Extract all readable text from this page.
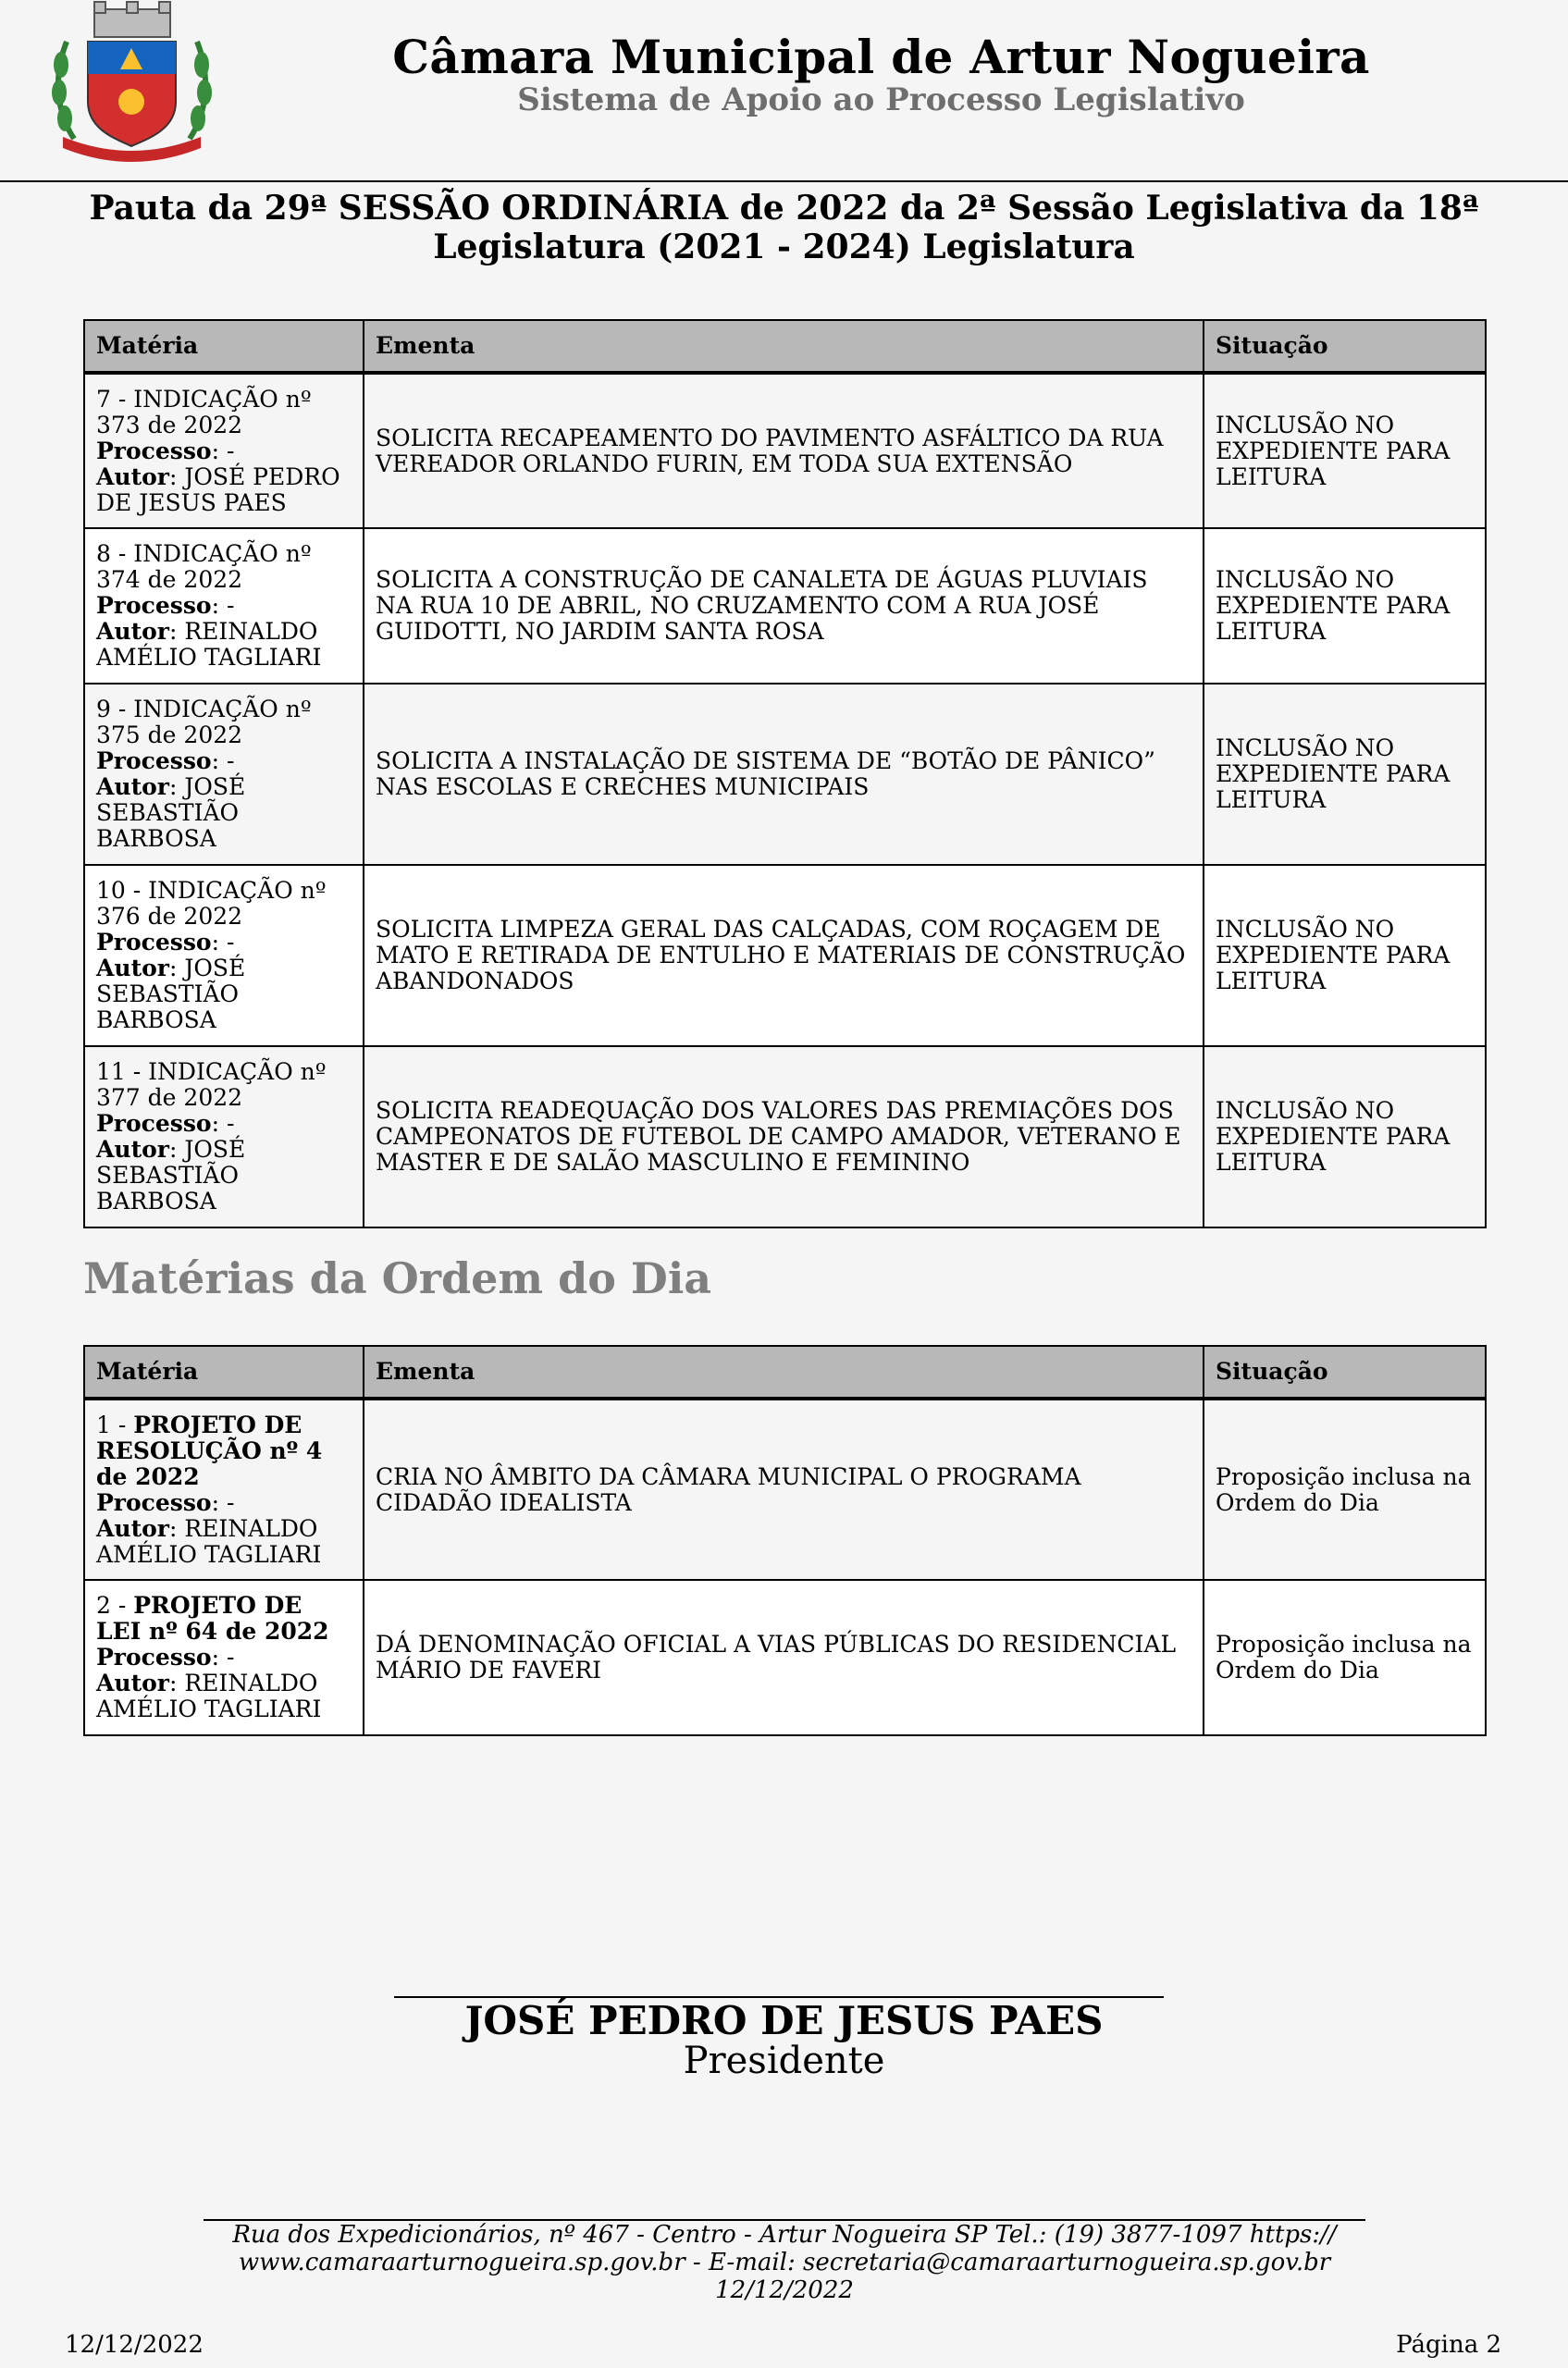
Câmara Municipal de Artur Nogueira
Sistema de Apoio ao Processo Legislativo
Pauta da 29ª SESSÃO ORDINÁRIA de 2022 da 2ª Sessão Legislativa da 18ª Legislatura (2021 - 2024) Legislatura
Matéria	Ementa	Situação
7 - INDICAÇÃO nº 373 de 2022
Processo: -
Autor: JOSÉ PEDRO DE JESUS PAES	SOLICITA RECAPEAMENTO DO PAVIMENTO ASFÁLTICO DA RUA VEREADOR ORLANDO FURIN, EM TODA SUA EXTENSÃO	INCLUSÃO NO EXPEDIENTE PARA LEITURA
8 - INDICAÇÃO nº 374 de 2022
Processo: -
Autor: REINALDO AMÉLIO TAGLIARI	SOLICITA A CONSTRUÇÃO DE CANALETA DE ÁGUAS PLUVIAIS NA RUA 10 DE ABRIL, NO CRUZAMENTO COM A RUA JOSÉ GUIDOTTI, NO JARDIM SANTA ROSA	INCLUSÃO NO EXPEDIENTE PARA LEITURA
9 - INDICAÇÃO nº 375 de 2022
Processo: -
Autor: JOSÉ SEBASTIÃO BARBOSA	SOLICITA A INSTALAÇÃO DE SISTEMA DE “BOTÃO DE PÂNICO” NAS ESCOLAS E CRECHES MUNICIPAIS	INCLUSÃO NO EXPEDIENTE PARA LEITURA
10 - INDICAÇÃO nº 376 de 2022
Processo: -
Autor: JOSÉ SEBASTIÃO BARBOSA	SOLICITA LIMPEZA GERAL DAS CALÇADAS, COM ROÇAGEM DE MATO E RETIRADA DE ENTULHO E MATERIAIS DE CONSTRUÇÃO ABANDONADOS	INCLUSÃO NO EXPEDIENTE PARA LEITURA
11 - INDICAÇÃO nº 377 de 2022
Processo: -
Autor: JOSÉ SEBASTIÃO BARBOSA	SOLICITA READEQUAÇÃO DOS VALORES DAS PREMIAÇÕES DOS CAMPEONATOS DE FUTEBOL DE CAMPO AMADOR, VETERANO E MASTER E DE SALÃO MASCULINO E FEMININO	INCLUSÃO NO EXPEDIENTE PARA LEITURA
Matérias da Ordem do Dia
Matéria	Ementa	Situação
1 - PROJETO DE RESOLUÇÃO nº 4 de 2022
Processo: -
Autor: REINALDO AMÉLIO TAGLIARI	CRIA NO ÂMBITO DA CÂMARA MUNICIPAL O PROGRAMA CIDADÃO IDEALISTA	Proposição inclusa na Ordem do Dia
2 - PROJETO DE LEI nº 64 de 2022
Processo: -
Autor: REINALDO AMÉLIO TAGLIARI	DÁ DENOMINAÇÃO OFICIAL A VIAS PÚBLICAS DO RESIDENCIAL MÁRIO DE FAVERI	Proposição inclusa na Ordem do Dia
JOSÉ PEDRO DE JESUS PAES
Presidente
Rua dos Expedicionários, nº 467 - Centro - Artur Nogueira SP Tel.: (19) 3877-1097 https:// www.camaraarturnogueira.sp.gov.br - E-mail: secretaria@camaraarturnogueira.sp.gov.br 12/12/2022
12/12/2022	Página 2
